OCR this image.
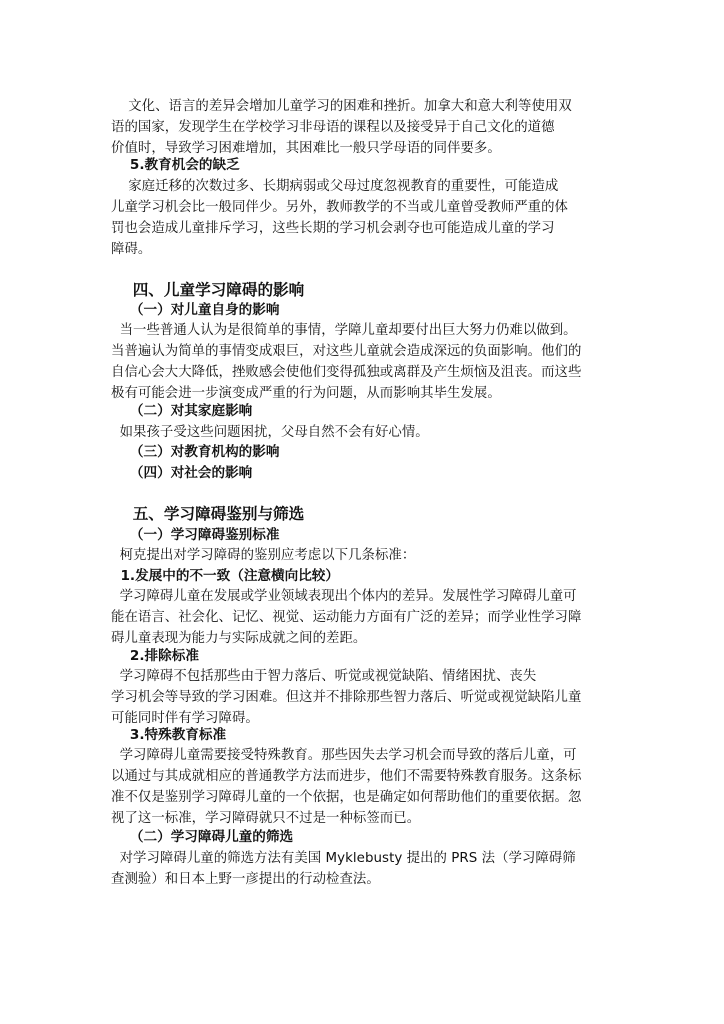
文化、语言的差异会增加儿童学习的困难和挫折。加拿大和意大利等使用双
语的国家，发现学生在学校学习非母语的课程以及接受异于自己文化的道德
价值时，导致学习困难增加，其困难比一般只学母语的同伴要多。
5.教育机会的缺乏
家庭迁移的次数过多、长期病弱或父母过度忽视教育的重要性，可能造成
儿童学习机会比一般同伴少。另外，教师教学的不当或儿童曾受教师严重的体
罚也会造成儿童排斥学习，这些长期的学习机会剥夺也可能造成儿童的学习
障碍。
四、儿童学习障碍的影响
（一）对儿童自身的影响
当一些普通人认为是很简单的事情，学障儿童却要付出巨大努力仍难以做到。
当普遍认为简单的事情变成艰巨，对这些儿童就会造成深远的负面影响。他们的
自信心会大大降低，挫败感会使他们变得孤独或离群及产生烦恼及沮丧。而这些
极有可能会进一步演变成严重的行为问题，从而影响其毕生发展。
（二）对其家庭影响
如果孩子受这些问题困扰，父母自然不会有好心情。
（三）对教育机构的影响
（四）对社会的影响
五、学习障碍鉴别与筛选
（一）学习障碍鉴别标准
柯克提出对学习障碍的鉴别应考虑以下几条标准：
1.发展中的不一致（注意横向比较）
学习障碍儿童在发展或学业领域表现出个体内的差异。发展性学习障碍儿童可
能在语言、社会化、记忆、视觉、运动能力方面有广泛的差异；而学业性学习障
碍儿童表现为能力与实际成就之间的差距。
2.排除标准
学习障碍不包括那些由于智力落后、听觉或视觉缺陷、情绪困扰、丧失
学习机会等导致的学习困难。但这并不排除那些智力落后、听觉或视觉缺陷儿童
可能同时伴有学习障碍。
3.特殊教育标准
学习障碍儿童需要接受特殊教育。那些因失去学习机会而导致的落后儿童，可
以通过与其成就相应的普通教学方法而进步，他们不需要特殊教育服务。这条标
准不仅是鉴别学习障碍儿童的一个依据，也是确定如何帮助他们的重要依据。忽
视了这一标准，学习障碍就只不过是一种标签而已。
（二）学习障碍儿童的筛选
对学习障碍儿童的筛选方法有美国 Myklebusty 提出的 PRS 法（学习障碍筛
查测验）和日本上野一彦提出的行动检查法。
